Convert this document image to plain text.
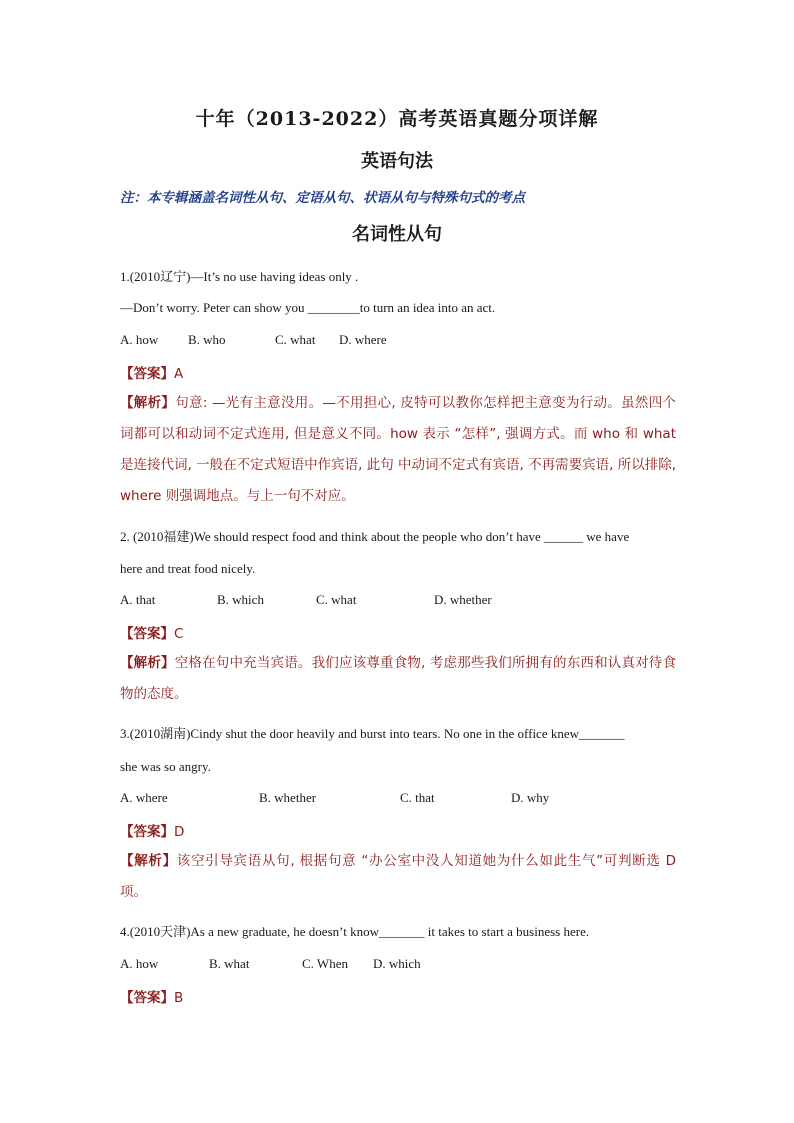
十年（2013-2022）高考英语真题分项详解
英语句法
注：本专辑涵盖名词性从句、定语从句、状语从句与特殊句式的考点
名词性从句
1.(2010辽宁)—It’s no use having ideas only .
—Don’t worry. Peter can show you ________to turn an idea into an act.
A. how B. who	C. what D. where
【答案】A
【解析】句意: —光有主意没用。—不用担心, 皮特可以教你怎样把主意变为行动。虽然四个词都可以和动词不定式连用, 但是意义不同。how 表示 “怎样”, 强调方式。而 who 和 what 是连接代词, 一般在不定式短语中作宾语, 此句 中动词不定式有宾语, 不再需要宾语, 所以排除, where 则强调地点。与上一句不对应。
2. (2010福建)We should respect food and think about the people who don’t have ______ we have
here and treat food nicely.
A. that	B. which	C. what	D. whether
【答案】C
【解析】空格在句中充当宾语。我们应该尊重食物, 考虑那些我们所拥有的东西和认真对待食物的态度。
3.(2010湖南)Cindy shut the door heavily and burst into tears. No one in the office knew_______
she was so angry.
A. where	B. whether	C. that	D. why
【答案】D
【解析】该空引导宾语从句, 根据句意 “办公室中没人知道她为什么如此生气”可判断选 D 项。
4.(2010天津)As a new graduate, he doesn’t know_______ it takes to start a business here.
A. how	B. what	C. When D. which
【答案】B
